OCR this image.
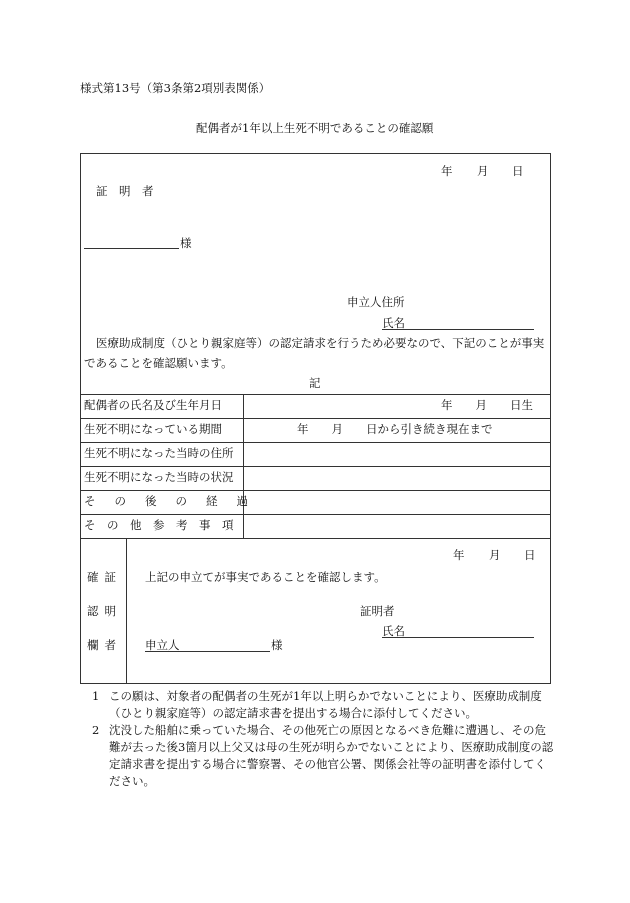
様式第13号（第3条第2項別表関係）
配偶者が1年以上生死不明であることの確認願
年 月 日
証　明　者
様
申立人住所
氏名
医療助成制度（ひとり親家庭等）の認定請求を行うため必要なので、下記のことが事実であることを確認願います。
記
配偶者の氏名及び生年月日	年　　月　　日生
生死不明になっている期間	年　　月　　日から引き続き現在まで
生死不明になった当時の住所
生死不明になった当時の状況
その後の経過
その他参考事項
確証
認明
欄者
年 月 日
上記の申立てが事実であることを確認します。
証明者
氏名
申立人	様
1 この願は、対象者の配偶者の生死が1年以上明らかでないことにより、医療助成制度（ひとり親家庭等）の認定請求書を提出する場合に添付してください。
2 沈没した船舶に乗っていた場合、その他死亡の原因となるべき危難に遭遇し、その危難が去った後3箇月以上父又は母の生死が明らかでないことにより、医療助成制度の認定請求書を提出する場合に警察署、その他官公署、関係会社等の証明書を添付してください。
